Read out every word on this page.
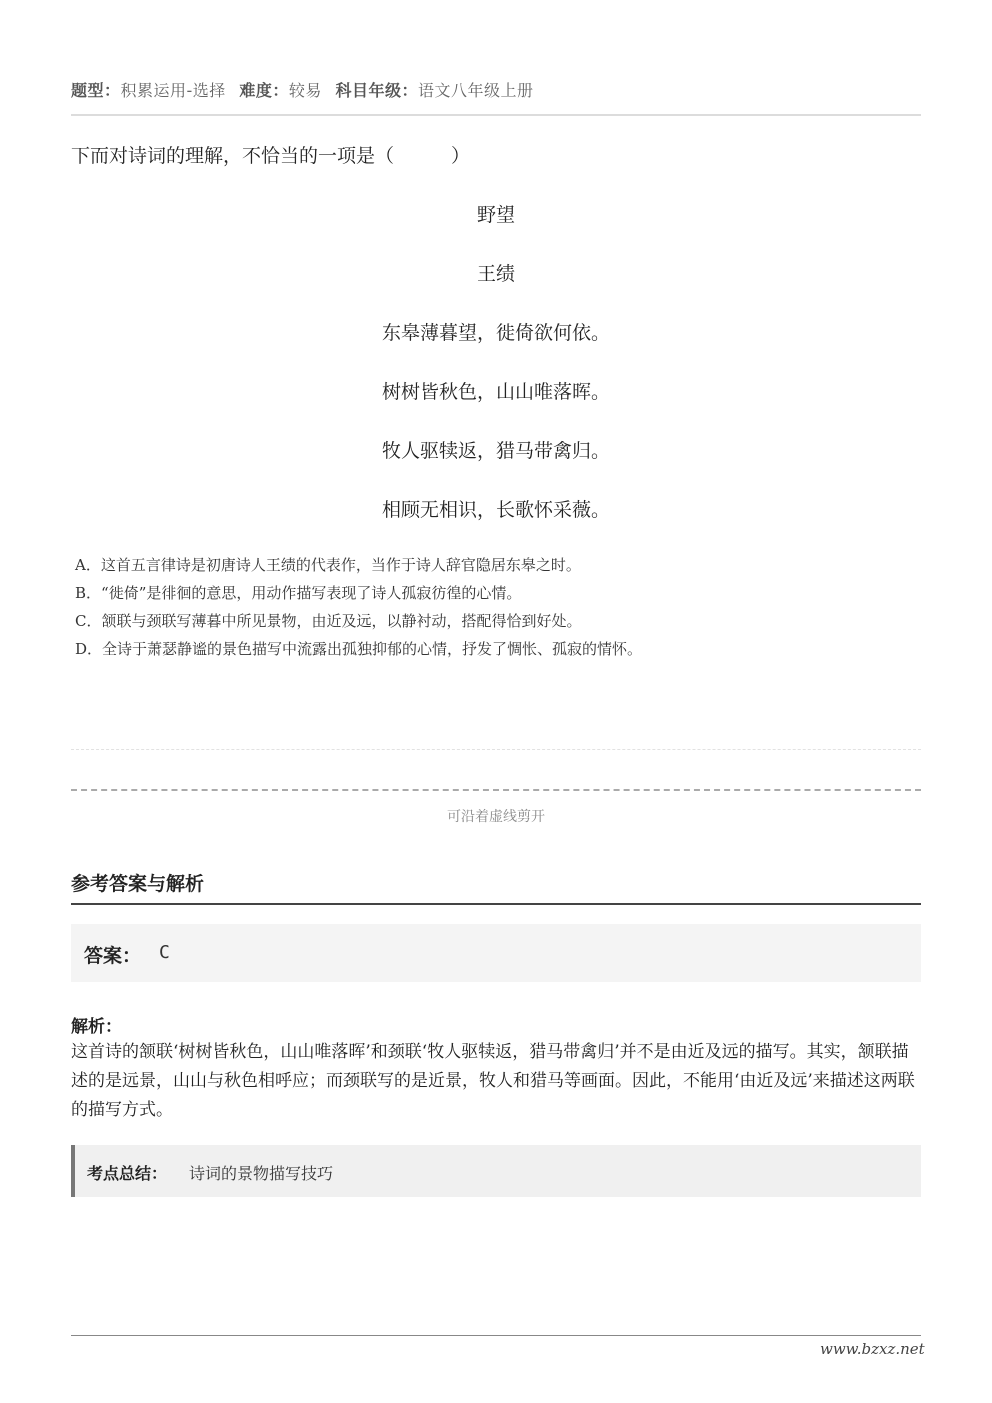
题型：积累运用-选择 难度：较易 科目年级：语文八年级上册
下而对诗词的理解，不恰当的一项是（　　　）
野望
王绩
东皋薄暮望，徙倚欲何依。
树树皆秋色，山山唯落晖。
牧人驱犊返，猎马带禽归。
相顾无相识，长歌怀采薇。
A．这首五言律诗是初唐诗人王绩的代表作，当作于诗人辞官隐居东皋之时。
B．“徙倚”是徘徊的意思，用动作描写表现了诗人孤寂彷徨的心情。
C．颔联与颈联写薄暮中所见景物，由近及远，以静衬动，搭配得恰到好处。
D．全诗于萧瑟静谧的景色描写中流露出孤独抑郁的心情，抒发了惆怅、孤寂的情怀。
可沿着虚线剪开
参考答案与解析
答案： C
解析：
这首诗的颔联‘树树皆秋色，山山唯落晖’和颈联‘牧人驱犊返，猎马带禽归’并不是由近及远的描写。其实，颔联描述的是远景，山山与秋色相呼应；而颈联写的是近景，牧人和猎马等画面。因此，不能用‘由近及远’来描述这两联的描写方式。
考点总结： 诗词的景物描写技巧
www.bzxz.net
